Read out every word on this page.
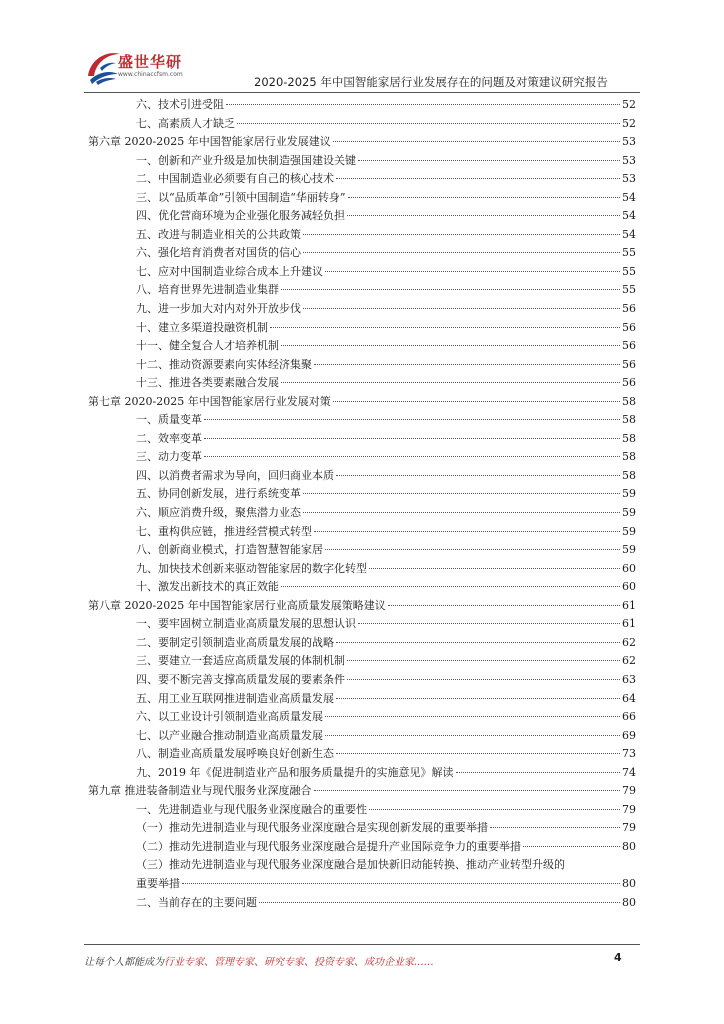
盛世华研
www.chinaccfsm.com
2020-2025 年中国智能家居行业发展存在的问题及对策建议研究报告
六、技术引进受阻	52
七、高素质人才缺乏	52
第六章 2020-2025 年中国智能家居行业发展建议	53
一、创新和产业升级是加快制造强国建设关键	53
二、中国制造业必须要有自己的核心技术	53
三、以“品质革命”引领中国制造“华丽转身”	54
四、优化营商环境为企业强化服务减轻负担	54
五、改进与制造业相关的公共政策	54
六、强化培育消费者对国货的信心	55
七、应对中国制造业综合成本上升建议	55
八、培育世界先进制造业集群	55
九、进一步加大对内对外开放步伐	56
十、建立多渠道投融资机制	56
十一、健全复合人才培养机制	56
十二、推动资源要素向实体经济集聚	56
十三、推进各类要素融合发展	56
第七章 2020-2025 年中国智能家居行业发展对策	58
一、质量变革	58
二、效率变革	58
三、动力变革	58
四、以消费者需求为导向，回归商业本质	58
五、协同创新发展，进行系统变革	59
六、顺应消费升级，聚焦潜力业态	59
七、重构供应链，推进经营模式转型	59
八、创新商业模式，打造智慧智能家居	59
九、加快技术创新来驱动智能家居的数字化转型	60
十、激发出新技术的真正效能	60
第八章 2020-2025 年中国智能家居行业高质量发展策略建议	61
一、要牢固树立制造业高质量发展的思想认识	61
二、要制定引领制造业高质量发展的战略	62
三、要建立一套适应高质量发展的体制机制	62
四、要不断完善支撑高质量发展的要素条件	63
五、用工业互联网推进制造业高质量发展	64
六、以工业设计引领制造业高质量发展	66
七、以产业融合推动制造业高质量发展	69
八、制造业高质量发展呼唤良好创新生态	73
九、2019 年《促进制造业产品和服务质量提升的实施意见》解读	74
第九章 推进装备制造业与现代服务业深度融合	79
一、先进制造业与现代服务业深度融合的重要性	79
（一）推动先进制造业与现代服务业深度融合是实现创新发展的重要举措	79
（二）推动先进制造业与现代服务业深度融合是提升产业国际竞争力的重要举措	80
（三）推动先进制造业与现代服务业深度融合是加快新旧动能转换、推动产业转型升级的
重要举措	80
二、当前存在的主要问题	80
让每个人都能成为行业专家、管理专家、研究专家、投资专家、成功企业家……	4
